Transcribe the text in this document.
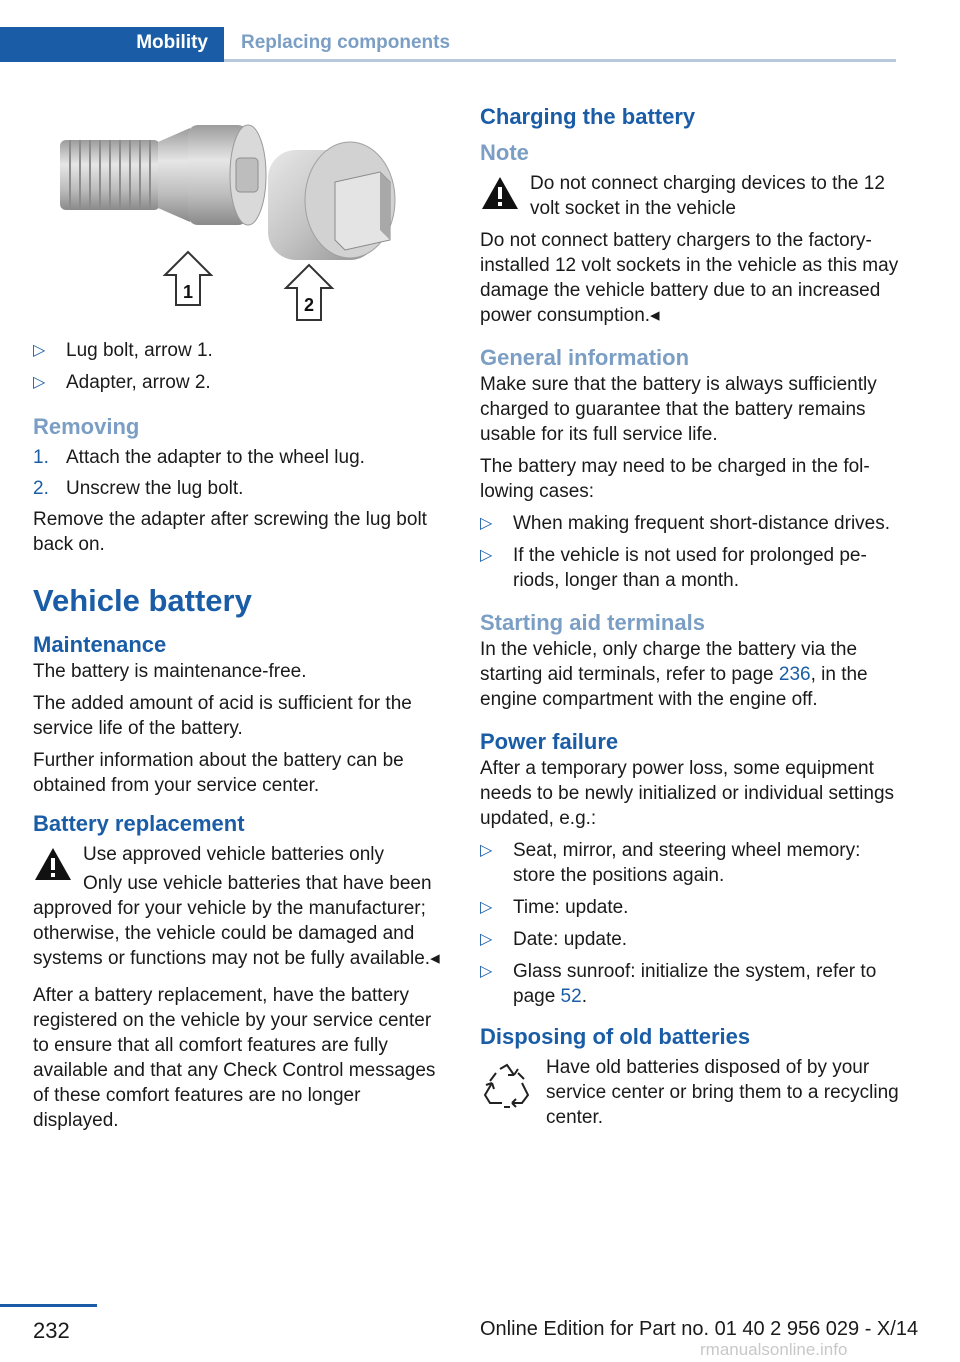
Mobility	Replacing components
1
2
▷ Lug bolt, arrow 1.
▷ Adapter, arrow 2.
Removing
1. Attach the adapter to the wheel lug.
2. Unscrew the lug bolt.

Remove the adapter after screwing the lug bolt back on.

Vehicle battery
Maintenance

The battery is maintenance-free.

The added amount of acid is sufficient for the service life of the battery.

Further information about the battery can be obtained from your service center.

Battery replacement

Use approved vehicle batteries only

Only use vehicle batteries that have been approved for your vehicle by the manufacturer; otherwise, the vehicle could be damaged and systems or functions may not be fully available.◂

After a battery replacement, have the battery registered on the vehicle by your service center to ensure that all comfort features are fully available and that any Check Control messages of these comfort features are no longer displayed.

Charging the battery
Note

Do not connect charging devices to the 12 volt socket in the vehicle

Do not connect battery chargers to the factory-installed 12 volt sockets in the vehicle as this may damage the vehicle battery due to an increased power consumption.◂

General information

Make sure that the battery is always sufficiently charged to guarantee that the battery remains usable for its full service life.

The battery may need to be charged in the following cases:

▷ When making frequent short-distance drives.
▷ If the vehicle is not used for prolonged periods, longer than a month.
Starting aid terminals

In the vehicle, only charge the battery via the starting aid terminals, refer to page 236, in the engine compartment with the engine off.

Power failure

After a temporary power loss, some equipment needs to be newly initialized or individual settings updated, e.g.:

▷ Seat, mirror, and steering wheel memory: store the positions again.
▷ Time: update.
▷ Date: update.
▷ Glass sunroof: initialize the system, refer to page 52.
Disposing of old batteries

Have old batteries disposed of by your service center or bring them to a recycling center.

232	Online Edition for Part no. 01 40 2 956 029 - X/14
rmanualsonline.info
